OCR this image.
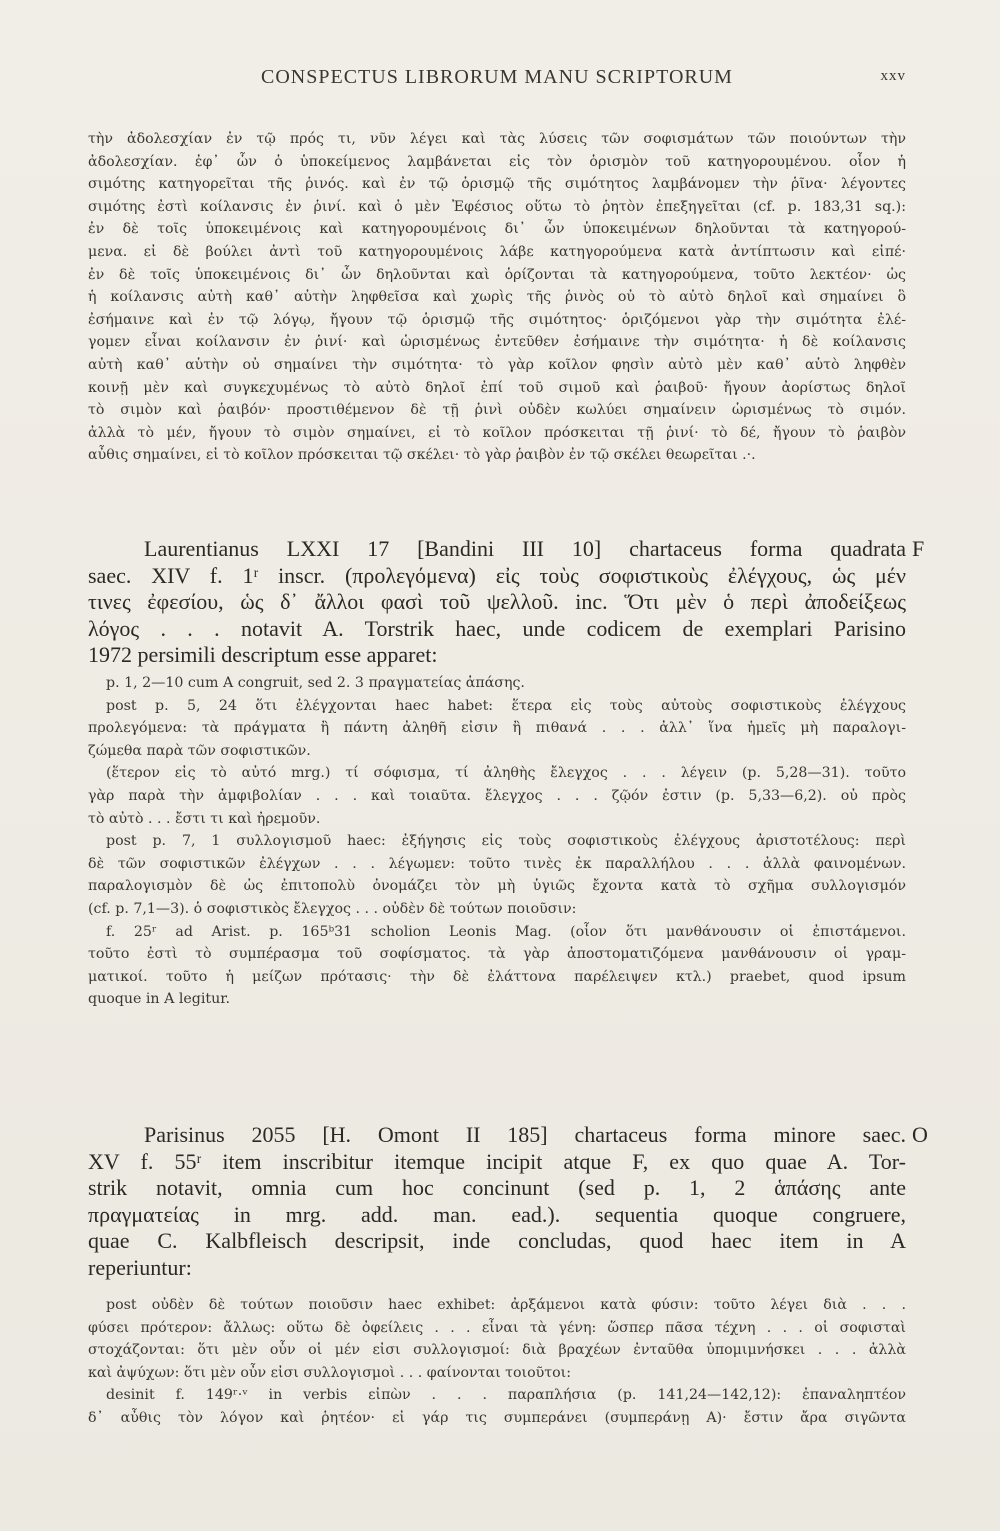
CONSPECTUS LIBRORUM MANU SCRIPTORUM	xxv
τὴν ἀδολεσχίαν ἐν τῷ πρός τι, νῦν λέγει καὶ τὰς λύσεις τῶν σοφισμάτων τῶν ποιούντων τὴν
ἀδολεσχίαν. ἐφ᾽ ὧν ὁ ὑποκείμενος λαμβάνεται εἰς τὸν ὁρισμὸν τοῦ κατηγορουμένου. οἷον ἡ
σιμότης κατηγορεῖται τῆς ῥινός. καὶ ἐν τῷ ὁρισμῷ τῆς σιμότητος λαμβάνομεν τὴν ῥῖνα· λέγοντες
σιμότης ἐστὶ κοίλανσις ἐν ῥινί. καὶ ὁ μὲν Ἐφέσιος οὕτω τὸ ῥητὸν ἐπεξηγεῖται (cf. p. 183,31 sq.):
ἐν δὲ τοῖς ὑποκειμένοις καὶ κατηγορουμένοις δι᾽ ὧν ὑποκειμένων δηλοῦνται τὰ κατηγορού-
μενα. εἰ δὲ βούλει ἀντὶ τοῦ κατηγορουμένοις λάβε κατηγορούμενα κατὰ ἀντίπτωσιν καὶ εἰπέ·
ἐν δὲ τοῖς ὑποκειμένοις δι᾽ ὧν δηλοῦνται καὶ ὁρίζονται τὰ κατηγορούμενα, τοῦτο λεκτέον· ὡς
ἡ κοίλανσις αὐτὴ καθ᾽ αὑτὴν ληφθεῖσα καὶ χωρὶς τῆς ῥινὸς οὐ τὸ αὐτὸ δηλοῖ καὶ σημαίνει ὃ
ἐσήμαινε καὶ ἐν τῷ λόγῳ, ἤγουν τῷ ὁρισμῷ τῆς σιμότητος· ὁριζόμενοι γὰρ τὴν σιμότητα ἐλέ-
γομεν εἶναι κοίλανσιν ἐν ῥινί· καὶ ὡρισμένως ἐντεῦθεν ἐσήμαινε τὴν σιμότητα· ἡ δὲ κοίλανσις
αὐτὴ καθ᾽ αὑτὴν οὐ σημαίνει τὴν σιμότητα· τὸ γὰρ κοῖλον φησὶν αὐτὸ μὲν καθ᾽ αὑτὸ ληφθὲν
κοινῇ μὲν καὶ συγκεχυμένως τὸ αὐτὸ δηλοῖ ἐπί τοῦ σιμοῦ καὶ ῥαιβοῦ· ἤγουν ἀορίστως δηλοῖ
τὸ σιμὸν καὶ ῥαιβόν· προστιθέμενον δὲ τῇ ῥινὶ οὐδὲν κωλύει σημαίνειν ὡρισμένως τὸ σιμόν.
ἀλλὰ τὸ μέν, ἤγουν τὸ σιμὸν σημαίνει, εἰ τὸ κοῖλον πρόσκειται τῇ ῥινί· τὸ δέ, ἤγουν τὸ ῥαιβὸν
αὖθις σημαίνει, εἰ τὸ κοῖλον πρόσκειται τῷ σκέλει· τὸ γὰρ ῥαιβὸν ἐν τῷ σκέλει θεωρεῖται .·.
Laurentianus LXXI 17 [Bandini III 10] chartaceus forma quadrata
saec. XIV f. 1ʳ inscr. (προλεγόμενα) εἰς τοὺς σοφιστικοὺς ἐλέγχους, ὡς μέν
τινες ἐφεσίου, ὡς δ᾽ ἄλλοι φασὶ τοῦ ψελλοῦ. inc. Ὅτι μὲν ὁ περὶ ἀποδείξεως
λόγος . . . notavit A. Torstrik haec, unde codicem de exemplari Parisino
1972 persimili descriptum esse apparet:
F
p. 1, 2—10 cum A congruit, sed 2. 3 πραγματείας ἁπάσης.
post p. 5, 24 ὅτι ἐλέγχονται haec habet: ἕτερα εἰς τοὺς αὐτοὺς σοφιστικοὺς ἐλέγχους
προλεγόμενα: τὰ πράγματα ἢ πάντη ἀληθῆ εἰσιν ἢ πιθανά . . . ἀλλ᾽ ἵνα ἡμεῖς μὴ παραλογι-
ζώμεθα παρὰ τῶν σοφιστικῶν.
(ἕτερον εἰς τὸ αὐτό mrg.) τί σόφισμα, τί ἀληθὴς ἔλεγχος . . . λέγειν (p. 5,28—31). τοῦτο
γὰρ παρὰ τὴν ἀμφιβολίαν . . . καὶ τοιαῦτα. ἔλεγχος . . . ζῷόν ἐστιν (p. 5,33—6,2). οὐ πρὸς
τὸ αὐτὸ . . . ἔστι τι καὶ ἠρεμοῦν.
post p. 7, 1 συλλογισμοῦ haec: ἐξήγησις εἰς τοὺς σοφιστικοὺς ἐλέγχους ἀριστοτέλους: περὶ
δὲ τῶν σοφιστικῶν ἐλέγχων . . . λέγωμεν: τοῦτο τινὲς ἐκ παραλλήλου . . . ἀλλὰ φαινομένων.
παραλογισμὸν δὲ ὡς ἐπιτοπολὺ ὀνομάζει τὸν μὴ ὑγιῶς ἔχοντα κατὰ τὸ σχῆμα συλλογισμόν
(cf. p. 7,1—3). ὁ σοφιστικὸς ἔλεγχος . . . οὐδὲν δὲ τούτων ποιοῦσιν:
f. 25ʳ ad Arist. p. 165ᵇ31 scholion Leonis Mag. (οἷον ὅτι μανθάνουσιν οἱ ἐπιστάμενοι.
τοῦτο ἐστὶ τὸ συμπέρασμα τοῦ σοφίσματος. τὰ γὰρ ἀποστοματιζόμενα μανθάνουσιν οἱ γραμ-
ματικοί. τοῦτο ἡ μείζων πρότασις· τὴν δὲ ἐλάττονα παρέλειψεν κτλ.) praebet, quod ipsum
quoque in A legitur.
Parisinus 2055 [H. Omont II 185] chartaceus forma minore saec.
XV f. 55ʳ item inscribitur itemque incipit atque F, ex quo quae A. Tor-
strik notavit, omnia cum hoc concinunt (sed p. 1, 2 ἁπάσης ante
πραγματείας in mrg. add. man. ead.). sequentia quoque congruere,
quae C. Kalbfleisch descripsit, inde concludas, quod haec item in A
reperiuntur:
O
post οὐδὲν δὲ τούτων ποιοῦσιν haec exhibet: ἀρξάμενοι κατὰ φύσιν: τοῦτο λέγει διὰ . . .
φύσει πρότερον: ἄλλως: οὕτω δὲ ὀφείλεις . . . εἶναι τὰ γένη: ὥσπερ πᾶσα τέχνη . . . οἱ σοφισταὶ
στοχάζονται: ὅτι μὲν οὖν οἱ μέν εἰσι συλλογισμοί: διὰ βραχέων ἐνταῦθα ὑπομιμνήσκει . . . ἀλλὰ
καὶ ἀψύχων: ὅτι μὲν οὖν εἰσι συλλογισμοὶ . . . φαίνονται τοιοῦτοι:
desinit f. 149ʳ·ᵛ in verbis εἰπὼν . . . παραπλήσια (p. 141,24—142,12): ἐπαναληπτέον
δ᾽ αὖθις τὸν λόγον καὶ ῥητέον· εἰ γάρ τις συμπεράνει (συμπεράνῃ A)· ἔστιν ἄρα σιγῶντα
